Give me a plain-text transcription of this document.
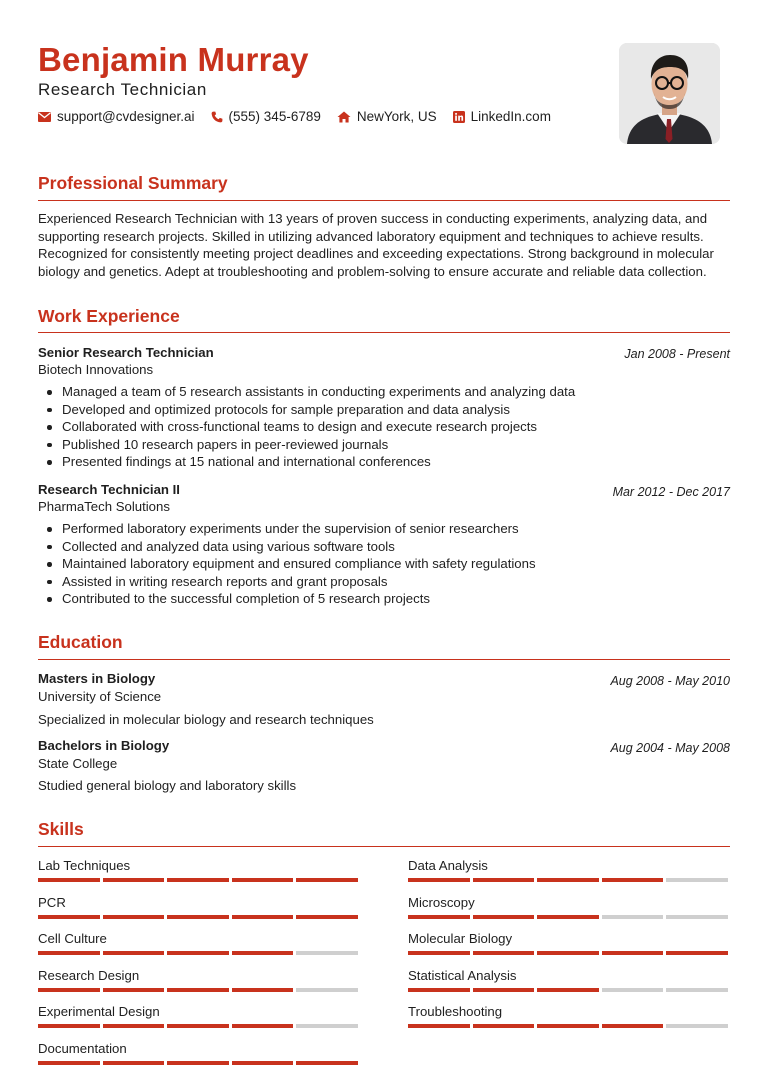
Benjamin Murray
Research Technician
support@cvdesigner.ai	(555) 345-6789	NewYork, US	LinkedIn.com
Professional Summary
Experienced Research Technician with 13 years of proven success in conducting experiments, analyzing data, and supporting research projects. Skilled in utilizing advanced laboratory equipment and techniques to achieve results. Recognized for consistently meeting project deadlines and exceeding expectations. Strong background in molecular biology and genetics. Adept at troubleshooting and problem-solving to ensure accurate and reliable data collection.
Work Experience
Senior Research Technician	Jan 2008 - Present
Biotech Innovations
Managed a team of 5 research assistants in conducting experiments and analyzing data
Developed and optimized protocols for sample preparation and data analysis
Collaborated with cross-functional teams to design and execute research projects
Published 10 research papers in peer-reviewed journals
Presented findings at 15 national and international conferences
Research Technician II	Mar 2012 - Dec 2017
PharmaTech Solutions
Performed laboratory experiments under the supervision of senior researchers
Collected and analyzed data using various software tools
Maintained laboratory equipment and ensured compliance with safety regulations
Assisted in writing research reports and grant proposals
Contributed to the successful completion of 5 research projects
Education
Masters in Biology	Aug 2008 - May 2010
University of Science
Specialized in molecular biology and research techniques
Bachelors in Biology	Aug 2004 - May 2008
State College
Studied general biology and laboratory skills
Skills
Lab Techniques	Data Analysis
PCR	Microscopy
Cell Culture	Molecular Biology
Research Design	Statistical Analysis
Experimental Design	Troubleshooting
Documentation
